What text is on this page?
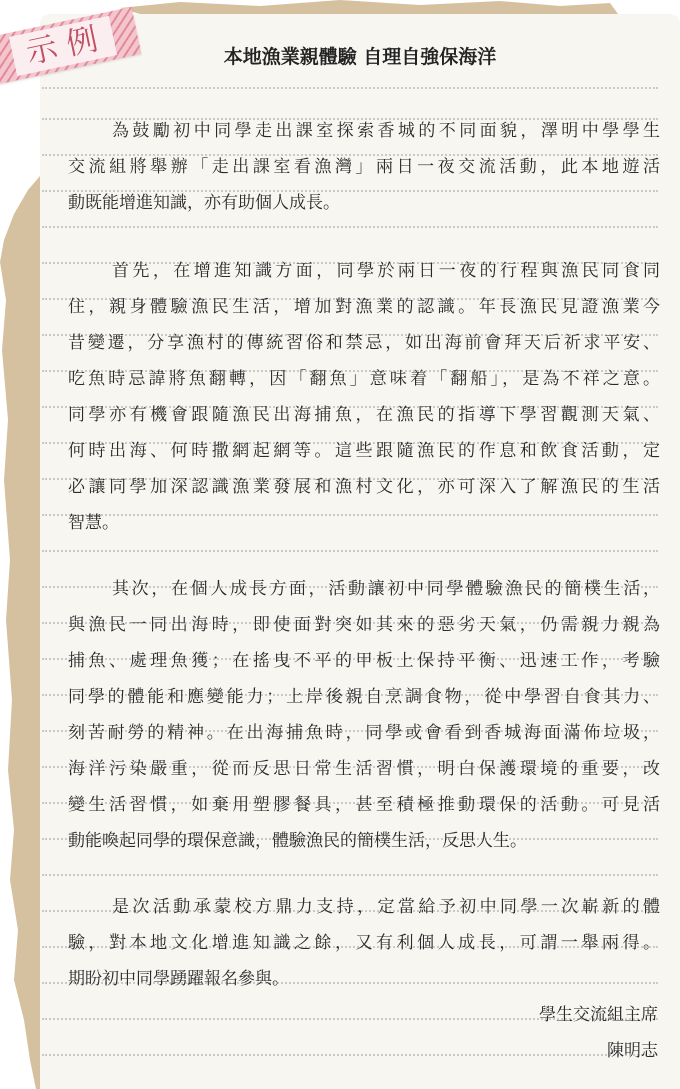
示例	本地漁業親體驗 自理自強保海洋
為鼓勵初中同學走出課室探索香城的不同面貌，澤明中學學生
交流組將舉辦「走出課室看漁灣」兩日一夜交流活動，此本地遊活
動既能增進知識，亦有助個人成長。
首先，在增進知識方面，同學於兩日一夜的行程與漁民同食同
住，親身體驗漁民生活，增加對漁業的認識。年長漁民見證漁業今
昔變遷，分享漁村的傳統習俗和禁忌，如出海前會拜天后祈求平安、
吃魚時忌諱將魚翻轉，因「翻魚」意味着「翻船」，是為不祥之意。
同學亦有機會跟隨漁民出海捕魚，在漁民的指導下學習觀測天氣、
何時出海、何時撒網起網等。這些跟隨漁民的作息和飲食活動，定
必讓同學加深認識漁業發展和漁村文化，亦可深入了解漁民的生活
智慧。
其次，在個人成長方面，活動讓初中同學體驗漁民的簡樸生活，
與漁民一同出海時，即使面對突如其來的惡劣天氣，仍需親力親為
捕魚、處理魚獲；在搖曳不平的甲板上保持平衡、迅速工作，考驗
同學的體能和應變能力；上岸後親自烹調食物，從中學習自食其力、
刻苦耐勞的精神。在出海捕魚時，同學或會看到香城海面滿佈垃圾，
海洋污染嚴重，從而反思日常生活習慣，明白保護環境的重要，改
變生活習慣，如棄用塑膠餐具，甚至積極推動環保的活動。可見活
動能喚起同學的環保意識，體驗漁民的簡樸生活，反思人生。
是次活動承蒙校方鼎力支持，定當給予初中同學一次嶄新的體
驗，對本地文化增進知識之餘，又有利個人成長，可謂一舉兩得。
期盼初中同學踴躍報名參與。
學生交流組主席
陳明志
